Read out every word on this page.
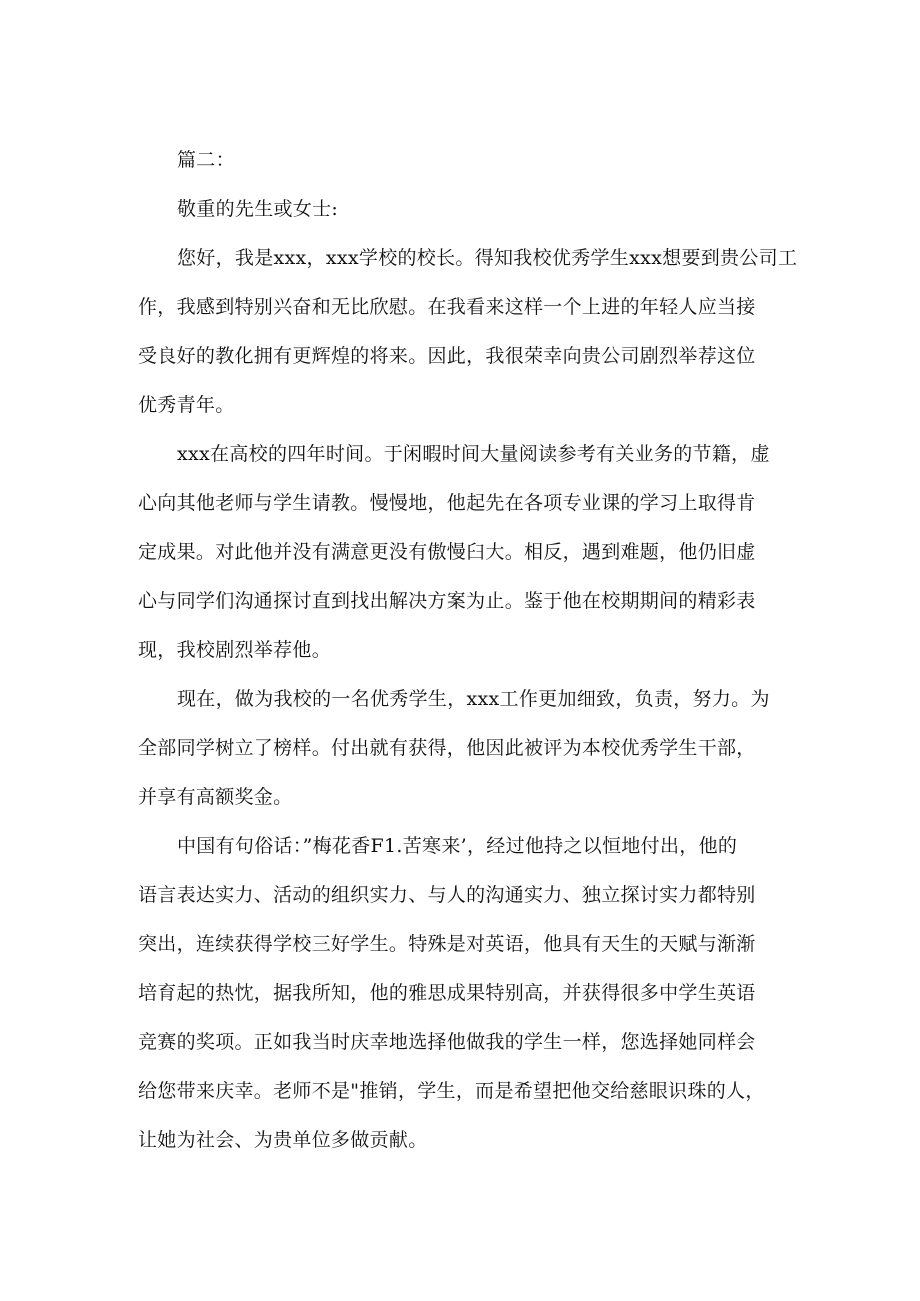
篇二：
敬重的先生或女士:
您好，我是xxx，xxx学校的校长。得知我校优秀学生xxx想要到贵公司工
作，我感到特别兴奋和无比欣慰。在我看来这样一个上进的年轻人应当接
受良好的教化拥有更辉煌的将来。因此，我很荣幸向贵公司剧烈举荐这位
优秀青年。
xxx在高校的四年时间。于闲暇时间大量阅读参考有关业务的节籍，虚
心向其他老师与学生请教。慢慢地，他起先在各项专业课的学习上取得肯
定成果。对此他并没有满意更没有傲慢臼大。相反，遇到难题，他仍旧虚
心与同学们沟通探讨直到找出解决方案为止。鉴于他在校期期间的精彩表
现，我校剧烈举荐他。
现在，做为我校的一名优秀学生，xxx工作更加细致，负责，努力。为
全部同学树立了榜样。付出就有获得，他因此被评为本校优秀学生干部，
并享有高额奖金。
中国有句俗话：”梅花香F1.苦寒来’，经过他持之以恒地付出，他的
语言表达实力、活动的组织实力、与人的沟通实力、独立探讨实力都特别
突出，连续获得学校三好学生。特殊是对英语，他具有天生的天赋与渐渐
培育起的热忱，据我所知，他的雅思成果特别高，并获得很多中学生英语
竞赛的奖项。正如我当时庆幸地选择他做我的学生一样，您选择她同样会
给您带来庆幸。老师不是"推销，学生，而是希望把他交给慈眼识珠的人，
让她为社会、为贵单位多做贡献。
